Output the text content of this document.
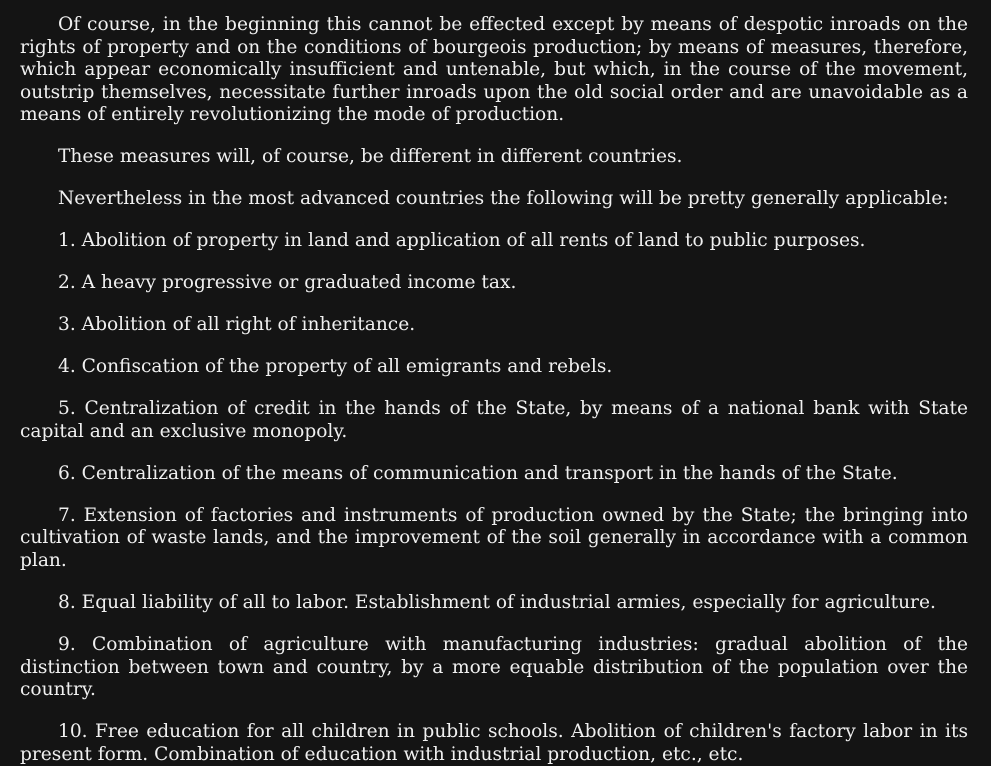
Of course, in the beginning this cannot be effected except by means of despotic inroads on the rights of property and on the conditions of bourgeois production; by means of measures, therefore, which appear economically insufficient and untenable, but which, in the course of the movement, outstrip themselves, necessitate further inroads upon the old social order and are unavoidable as a means of entirely revolutionizing the mode of production.

These measures will, of course, be different in different countries.

Nevertheless in the most advanced countries the following will be pretty generally applicable:

1. Abolition of property in land and application of all rents of land to public purposes.

2. A heavy progressive or graduated income tax.

3. Abolition of all right of inheritance.

4. Confiscation of the property of all emigrants and rebels.

5. Centralization of credit in the hands of the State, by means of a national bank with State capital and an exclusive monopoly.

6. Centralization of the means of communication and transport in the hands of the State.

7. Extension of factories and instruments of production owned by the State; the bringing into cultivation of waste lands, and the improvement of the soil generally in accordance with a common plan.

8. Equal liability of all to labor. Establishment of industrial armies, especially for agriculture.

9. Combination of agriculture with manufacturing industries: gradual abolition of the distinction between town and country, by a more equable distribution of the population over the country.

10. Free education for all children in public schools. Abolition of children's factory labor in its present form. Combination of education with industrial production, etc., etc.
